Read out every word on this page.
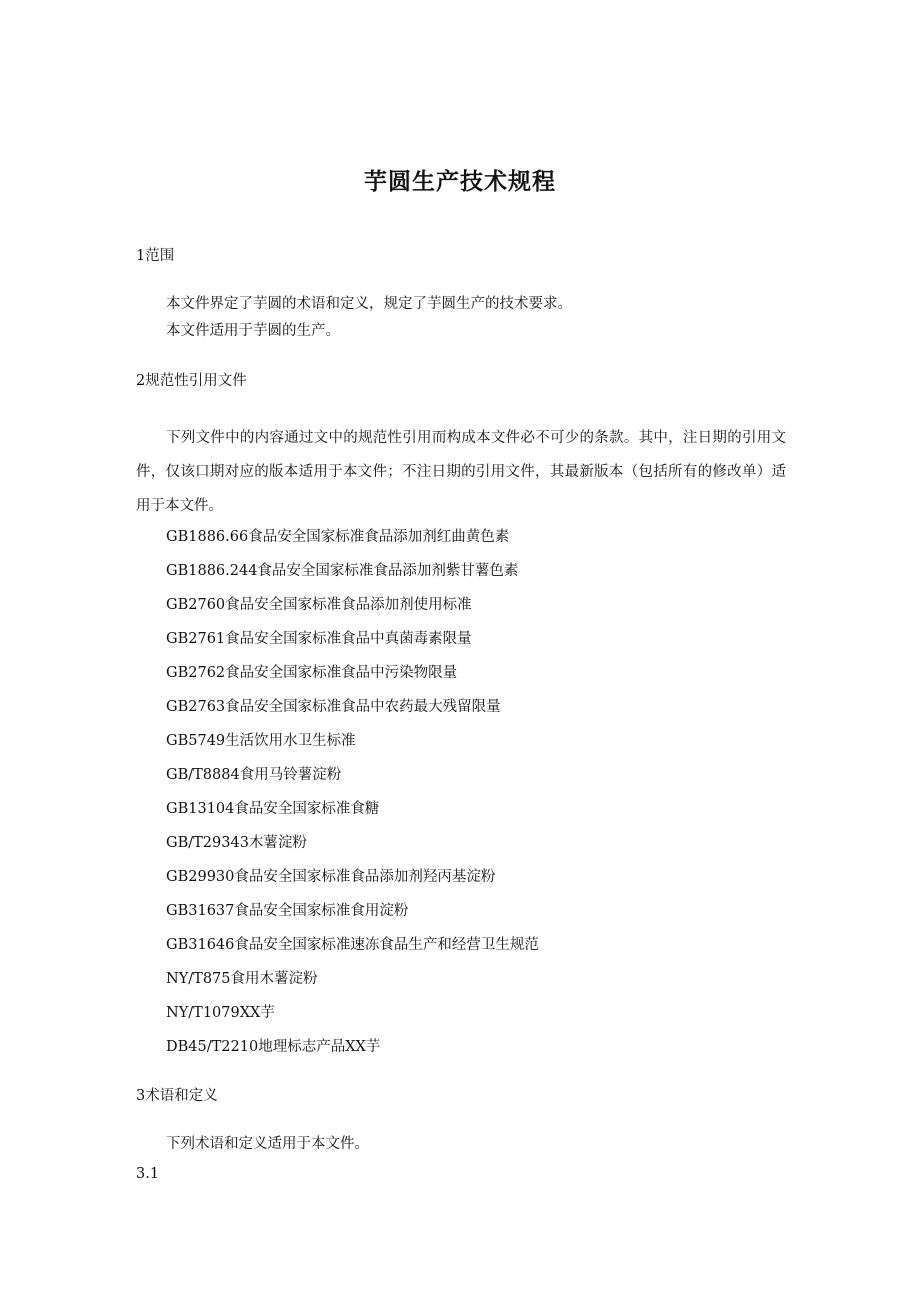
芋圆生产技术规程
1范围
本文件界定了芋圆的术语和定义，规定了芋圆生产的技术要求。
本文件适用于芋圆的生产。
2规范性引用文件
下列文件中的内容通过文中的规范性引用而构成本文件必不可少的条款。其中，注日期的引用文件，仅该口期对应的版本适用于本文件；不注日期的引用文件，其最新版本（包括所有的修改单）适用于本文件。
GB1886.66食品安全国家标准食品添加剂红曲黄色素
GB1886.244食品安全国家标准食品添加剂紫甘薯色素
GB2760食品安全国家标准食品添加剂使用标准
GB2761食品安全国家标准食品中真菌毒素限量
GB2762食品安全国家标准食品中污染物限量
GB2763食品安全国家标准食品中农药最大残留限量
GB5749生活饮用水卫生标准
GB/T8884食用马铃薯淀粉
GB13104食品安全国家标准食糖
GB/T29343木薯淀粉
GB29930食品安全国家标准食品添加剂羟丙基淀粉
GB31637食品安全国家标准食用淀粉
GB31646食品安全国家标准速冻食品生产和经营卫生规范
NY/T875食用木薯淀粉
NY/T1079XX芋
DB45/T2210地理标志产品XX芋
3术语和定义
下列术语和定义适用于本文件。
3.1
